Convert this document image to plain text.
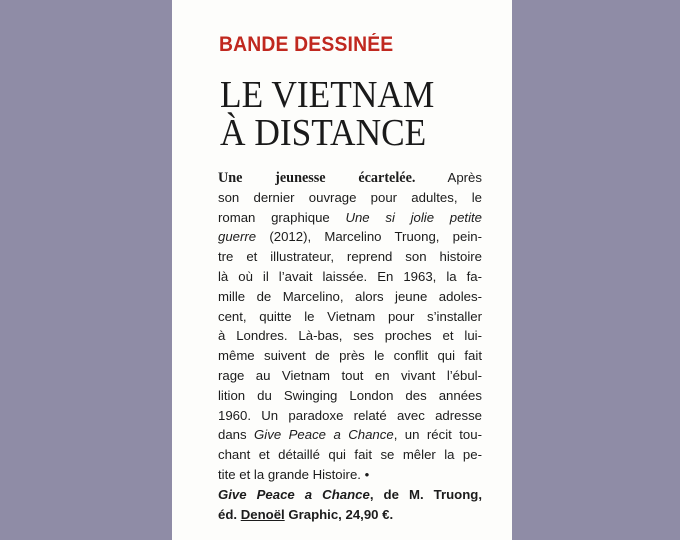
BANDE DESSINÉE
LE VIETNAM
À DISTANCE
Une jeunesse écartelée. Après
son dernier ouvrage pour adultes, le
roman graphique Une si jolie petite
guerre (2012), Marcelino Truong, pein-
tre et illustrateur, reprend son histoire
là où il l’avait laissée. En 1963, la fa-
mille de Marcelino, alors jeune adoles-
cent, quitte le Vietnam pour s’installer
à Londres. Là-bas, ses proches et lui-
même suivent de près le conflit qui fait
rage au Vietnam tout en vivant l’ébul-
lition du Swinging London des années
1960. Un paradoxe relaté avec adresse
dans Give Peace a Chance, un récit tou-
chant et détaillé qui fait se mêler la pe-
tite et la grande Histoire. •
Give Peace a Chance, de M. Truong,
éd. Denoël Graphic, 24,90 €.
